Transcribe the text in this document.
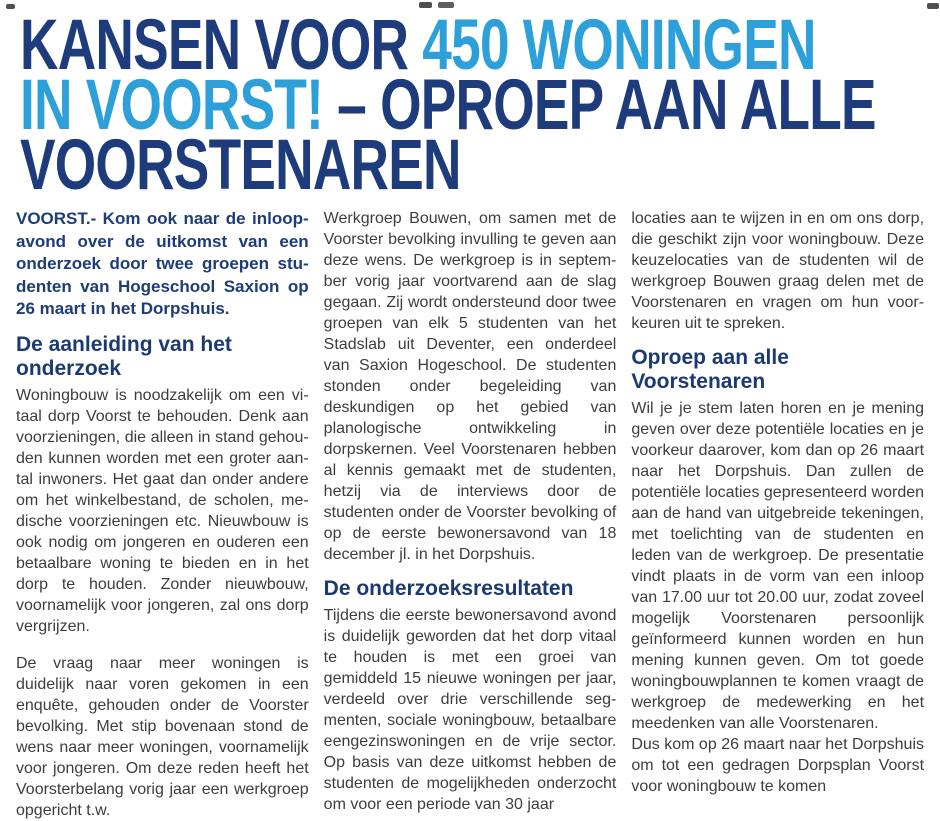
KANSEN VOOR 450 WONINGEN
IN VOORST! – OPROEP AAN ALLE
VOORSTENAREN

VOORST.- Kom ook naar de inloopavond over de uitkomst van een onderzoek door twee groepen studenten van Hogeschool Saxion op 26 maart in het Dorpshuis.

De aanleiding van het onderzoek

Woningbouw is noodzakelijk om een vitaal dorp Voorst te behouden. Denk aan voorzieningen, die alleen in stand gehouden kunnen worden met een groter aantal inwoners. Het gaat dan onder andere om het winkelbestand, de scholen, medische voorzieningen etc. Nieuwbouw is ook nodig om jongeren en ouderen een betaalbare woning te bieden en in het dorp te houden. Zonder nieuwbouw, voornamelijk voor jongeren, zal ons dorp vergrijzen.

De vraag naar meer woningen is duidelijk naar voren gekomen in een enquête, gehouden onder de Voorster bevolking. Met stip bovenaan stond de wens naar meer woningen, voornamelijk voor jongeren. Om deze reden heeft het Voorsterbelang vorig jaar een werkgroep opgericht t.w.

Werkgroep Bouwen, om samen met de Voorster bevolking invulling te geven aan deze wens. De werkgroep is in september vorig jaar voortvarend aan de slag gegaan. Zij wordt ondersteund door twee groepen van elk 5 studenten van het Stadslab uit Deventer, een onderdeel van Saxion Hogeschool. De studenten stonden onder begeleiding van deskundigen op het gebied van planologische ontwikkeling in dorpskernen. Veel Voorstenaren hebben al kennis gemaakt met de studenten, hetzij via de interviews door de studenten onder de Voorster bevolking of op de eerste bewonersavond van 18 december jl. in het Dorpshuis.

De onderzoeksresultaten

Tijdens die eerste bewonersavond avond is duidelijk geworden dat het dorp vitaal te houden is met een groei van gemiddeld 15 nieuwe woningen per jaar, verdeeld over drie verschillende segmenten, sociale woningbouw, betaalbare eengezinswoningen en de vrije sector. Op basis van deze uitkomst hebben de studenten de mogelijkheden onderzocht om voor een periode van 30 jaar

locaties aan te wijzen in en om ons dorp, die geschikt zijn voor woningbouw. Deze keuzelocaties van de studenten wil de werkgroep Bouwen graag delen met de Voorstenaren en vragen om hun voorkeuren uit te spreken.

Oproep aan alle Voorstenaren

Wil je je stem laten horen en je mening geven over deze potentiële locaties en je voorkeur daarover, kom dan op 26 maart naar het Dorpshuis. Dan zullen de potentiële locaties gepresenteerd worden aan de hand van uitgebreide tekeningen, met toelichting van de studenten en leden van de werkgroep. De presentatie vindt plaats in de vorm van een inloop van 17.00 uur tot 20.00 uur, zodat zoveel mogelijk Voorstenaren persoonlijk geïnformeerd kunnen worden en hun mening kunnen geven. Om tot goede woningbouwplannen te komen vraagt de werkgroep de medewerking en het meedenken van alle Voorstenaren.

Dus kom op 26 maart naar het Dorpshuis om tot een gedragen Dorpsplan Voorst voor woningbouw te komen
